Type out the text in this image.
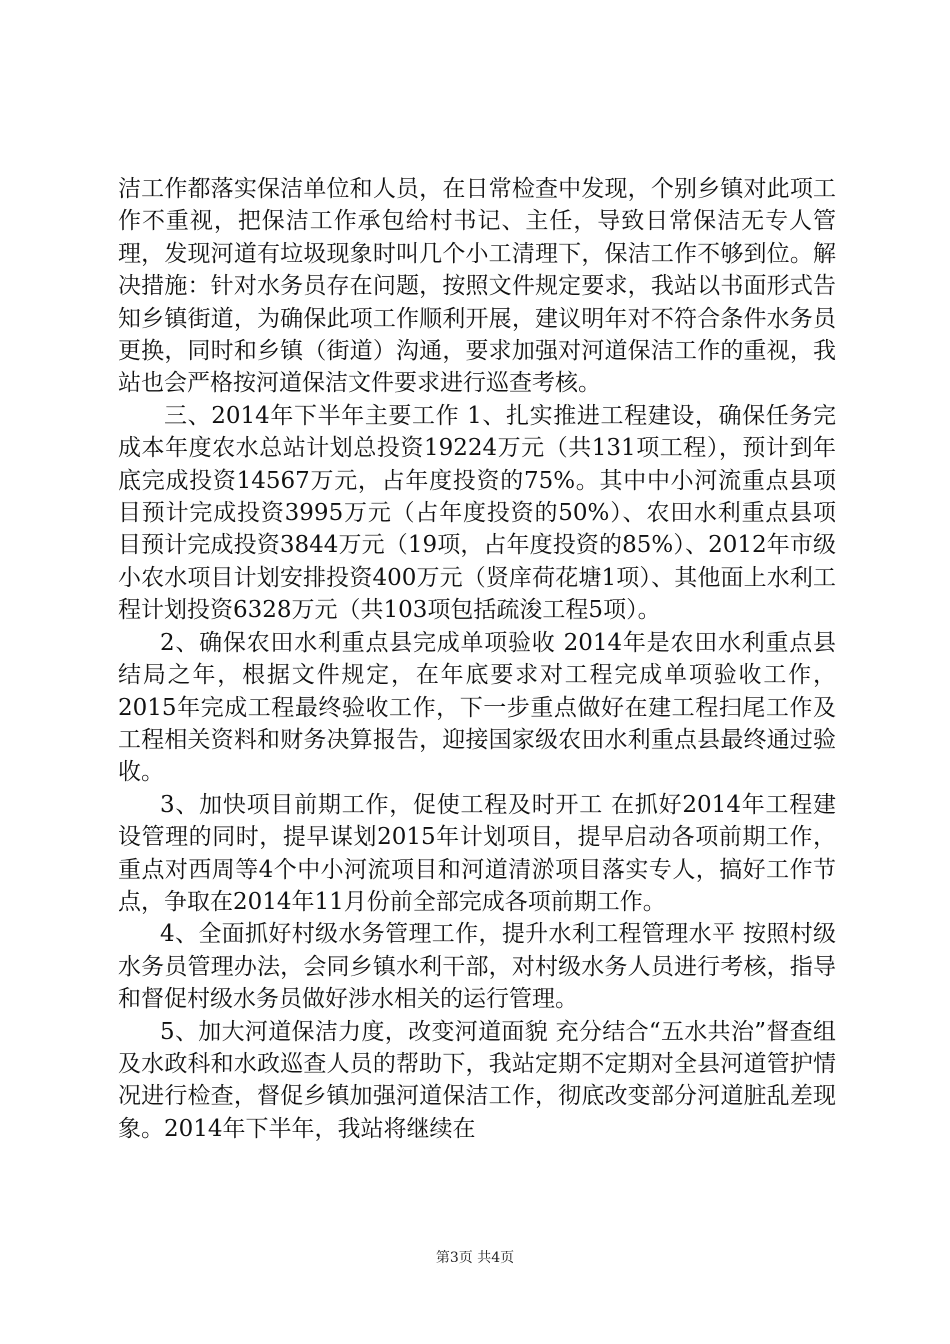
洁工作都落实保洁单位和人员，在日常检查中发现，个别乡镇对此项工作不重视，把保洁工作承包给村书记、主任，导致日常保洁无专人管理，发现河道有垃圾现象时叫几个小工清理下，保洁工作不够到位。解决措施：针对水务员存在问题，按照文件规定要求，我站以书面形式告知乡镇街道，为确保此项工作顺利开展，建议明年对不符合条件水务员更换，同时和乡镇（街道）沟通，要求加强对河道保洁工作的重视，我站也会严格按河道保洁文件要求进行巡查考核。

三、2014年下半年主要工作 1、扎实推进工程建设，确保任务完成本年度农水总站计划总投资19224万元（共131项工程），预计到年底完成投资14567万元，占年度投资的75%。其中中小河流重点县项目预计完成投资3995万元（占年度投资的50%）、农田水利重点县项目预计完成投资3844万元（19项，占年度投资的85%）、2012年市级小农水项目计划安排投资400万元（贤庠荷花塘1项）、其他面上水利工程计划投资6328万元（共103项包括疏浚工程5项）。

2、确保农田水利重点县完成单项验收 2014年是农田水利重点县结局之年，根据文件规定，在年底要求对工程完成单项验收工作，2015年完成工程最终验收工作，下一步重点做好在建工程扫尾工作及工程相关资料和财务决算报告，迎接国家级农田水利重点县最终通过验收。

3、加快项目前期工作，促使工程及时开工 在抓好2014年工程建设管理的同时，提早谋划2015年计划项目，提早启动各项前期工作，重点对西周等4个中小河流项目和河道清淤项目落实专人，搞好工作节点，争取在2014年11月份前全部完成各项前期工作。

4、全面抓好村级水务管理工作，提升水利工程管理水平 按照村级水务员管理办法，会同乡镇水利干部，对村级水务人员进行考核，指导和督促村级水务员做好涉水相关的运行管理。

5、加大河道保洁力度，改变河道面貌 充分结合“五水共治”督查组及水政科和水政巡查人员的帮助下，我站定期不定期对全县河道管护情况进行检查，督促乡镇加强河道保洁工作，彻底改变部分河道脏乱差现象。2014年下半年，我站将继续在

第3页 共4页
